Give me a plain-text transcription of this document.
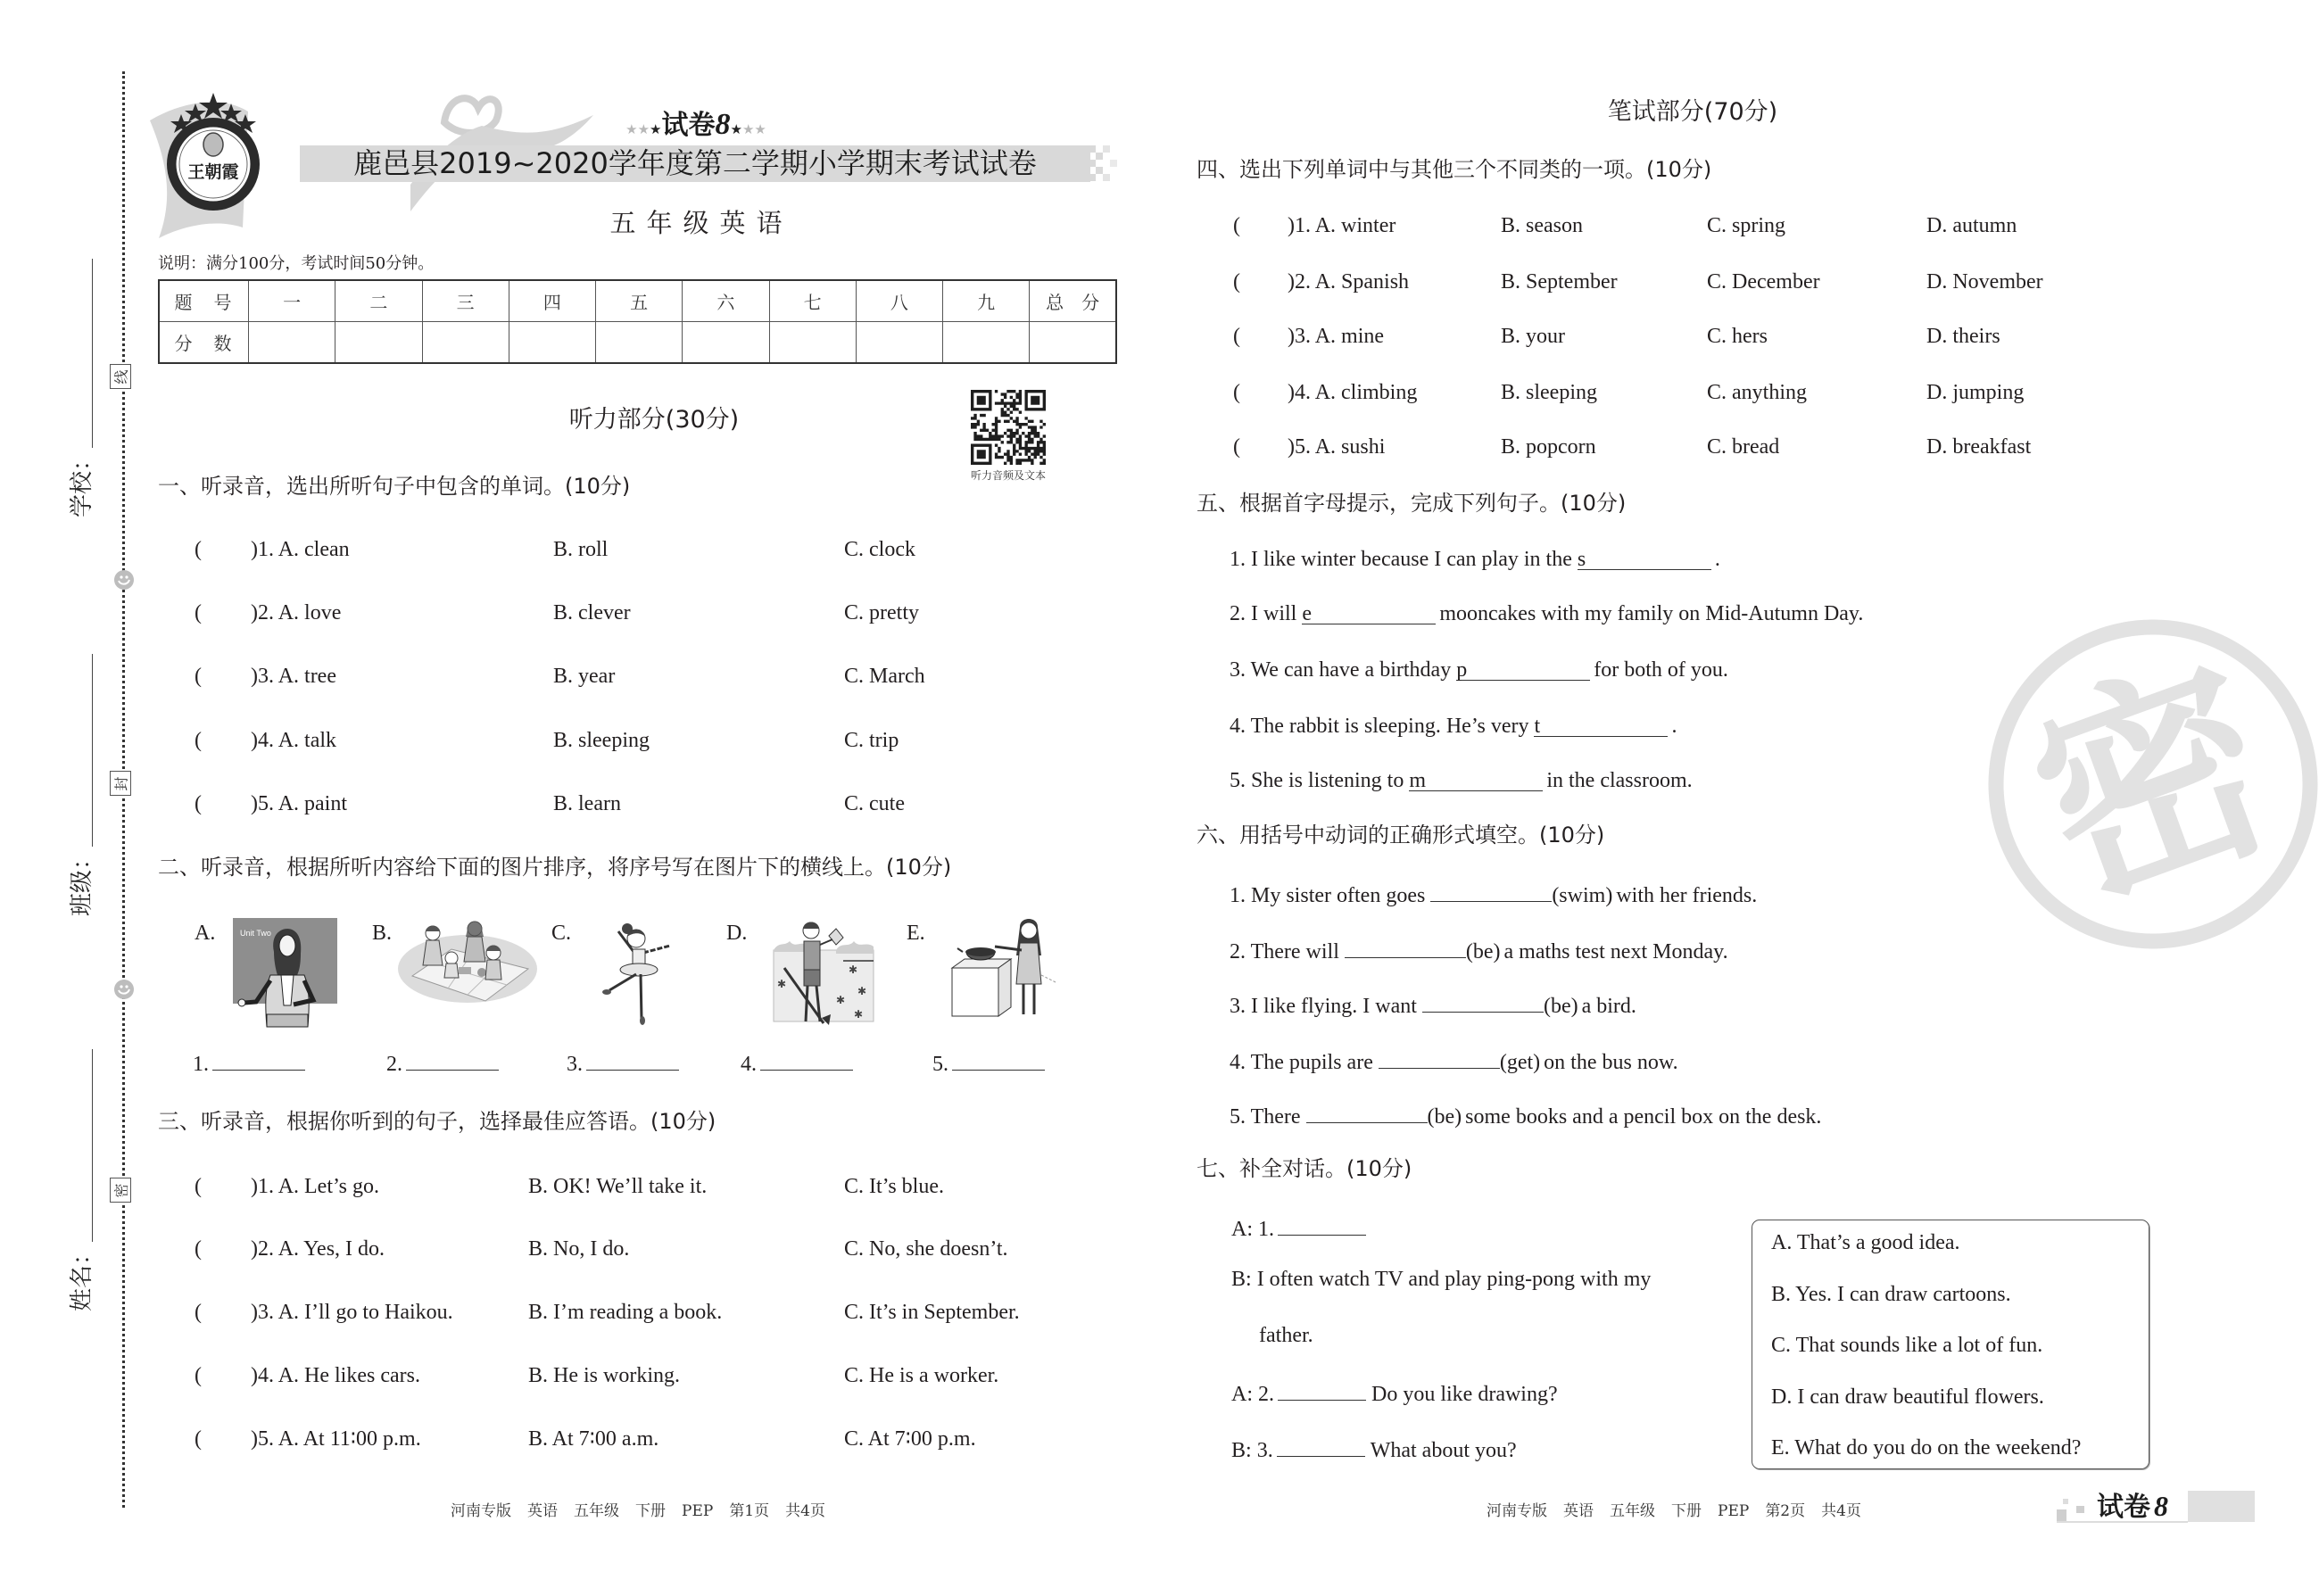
密
学校：
班级：
姓名：
线
封
密
鹿邑县2019~2020学年度第二学期小学期末考试试卷
王朝霞
★★★试卷8★★★
五年级英语
说明：满分100分，考试时间50分钟。
题　号	一	二	三	四	五	六	七	八	九	总　分
分　数										
听力部分(30分)
听力音频及文本
一、听录音，选出所听句子中包含的单词。(10分)
( )1. A. clean	B. roll	C. clock
( )2. A. love	B. clever	C. pretty
( )3. A. tree	B. year	C. March
( )4. A. talk	B. sleeping	C. trip
( )5. A. paint	B. learn	C. cute
二、听录音，根据所听内容给下面的图片排序，将序号写在图片下的横线上。(10分)
A.	Unit Two	B.	C.	D.
✱
✱
✱
✱
✱
E.
1.	2.	3.	4.	5.
三、听录音，根据你听到的句子，选择最佳应答语。(10分)
( )1. A. Let’s go.	B. OK! We’ll take it.	C. It’s blue.
( )2. A. Yes, I do.	B. No, I do.	C. No, she doesn’t.
( )3. A. I’ll go to Haikou.	B. I’m reading a book.	C. It’s in September.
( )4. A. He likes cars.	B. He is working.	C. He is a worker.
( )5. A. At 11∶00 p.m.	B. At 7∶00 a.m.	C. At 7∶00 p.m.
河南专版 英语 五年级 下册 PEP 第1页 共4页
笔试部分(70分)
四、选出下列单词中与其他三个不同类的一项。(10分)
( )1. A. winter	B. season	C. spring	D. autumn
( )2. A. Spanish	B. September	C. December	D. November
( )3. A. mine	B. your	C. hers	D. theirs
( )4. A. climbing	B. sleeping	C. anything	D. jumping
( )5. A. sushi	B. popcorn	C. bread	D. breakfast
五、根据首字母提示，完成下列句子。(10分)
1. I like winter because I can play in the s	.
2. I will e	mooncakes with my family on Mid-Autumn Day.
3. We can have a birthday p	for both of you.
4. The rabbit is sleeping. He’s very t	.
5. She is listening to m	in the classroom.
六、用括号中动词的正确形式填空。(10分)
1. My sister often goes	(swim) with her friends.
2. There will	(be) a maths test next Monday.
3. I like flying. I want	(be) a bird.
4. The pupils are	(get) on the bus now.
5. There	(be) some books and a pencil box on the desk.
七、补全对话。(10分)
A: 1.
B: I often watch TV and play ping-pong with my
father.
A: 2.	Do you like drawing?
B: 3.	What about you?
A. That’s a good idea.
B. Yes. I can draw cartoons.
C. That sounds like a lot of fun.
D. I can draw beautiful flowers.
E. What do you do on the weekend?
河南专版 英语 五年级 下册 PEP 第2页 共4页	试卷 8
